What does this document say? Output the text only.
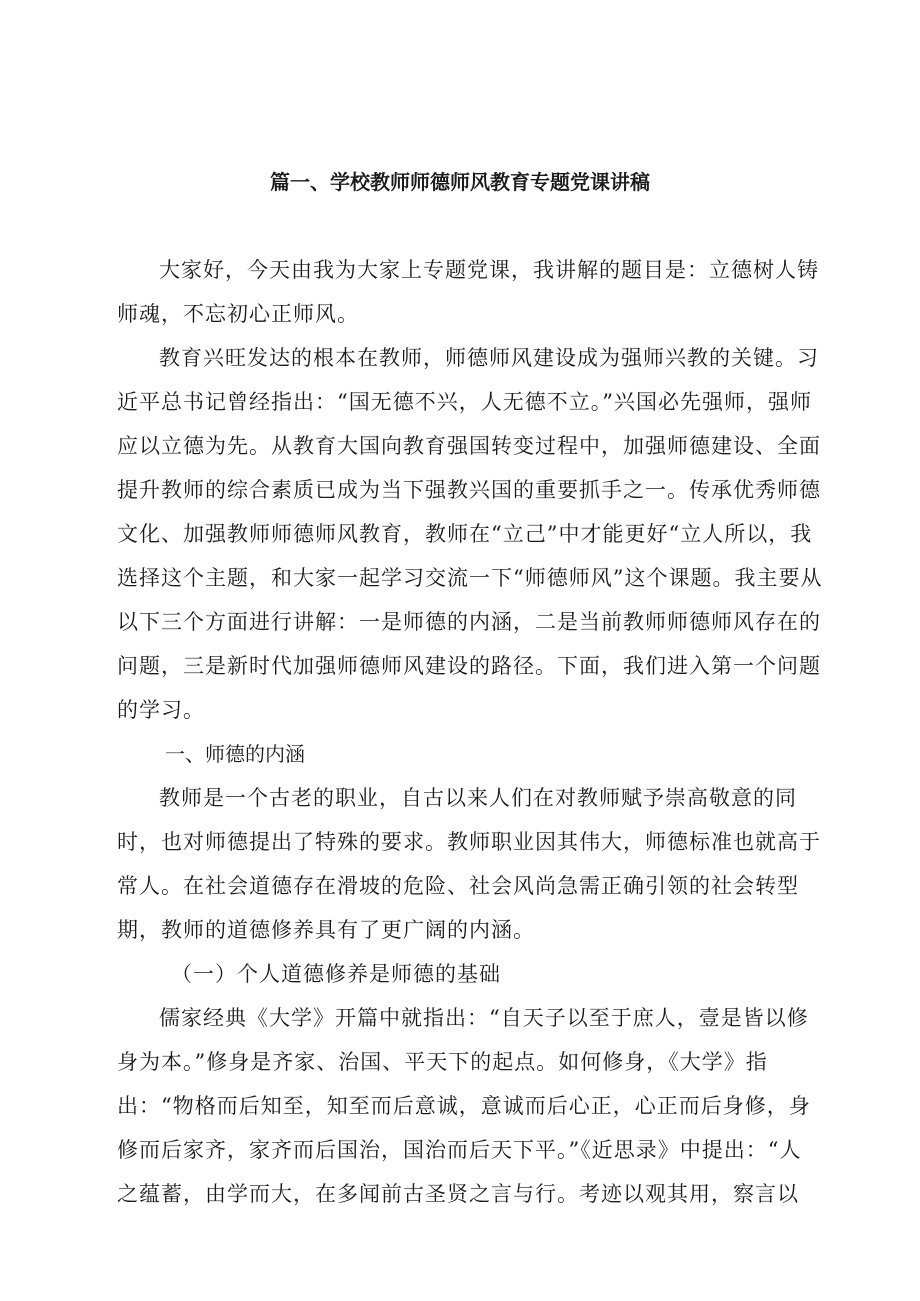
篇一、学校教师师德师风教育专题党课讲稿

大家好，今天由我为大家上专题党课，我讲解的题目是：立德树人铸师魂，不忘初心正师风。

教育兴旺发达的根本在教师，师德师风建设成为强师兴教的关键。习近平总书记曾经指出：“国无德不兴，人无德不立。”兴国必先强师，强师应以立德为先。从教育大国向教育强国转变过程中，加强师德建设、全面提升教师的综合素质已成为当下强教兴国的重要抓手之一。传承优秀师德文化、加强教师师德师风教育，教师在“立己”中才能更好“立人所以，我选择这个主题，和大家一起学习交流一下“师德师风”这个课题。我主要从以下三个方面进行讲解：一是师德的内涵，二是当前教师师德师风存在的问题，三是新时代加强师德师风建设的路径。下面，我们进入第一个问题的学习。

一、师德的内涵

教师是一个古老的职业，自古以来人们在对教师赋予崇高敬意的同时，也对师德提出了特殊的要求。教师职业因其伟大，师德标准也就高于常人。在社会道德存在滑坡的危险、社会风尚急需正确引领的社会转型期，教师的道德修养具有了更广阔的内涵。

（一）个人道德修养是师德的基础

儒家经典《大学》开篇中就指出：“自天子以至于庶人，壹是皆以修身为本。”修身是齐家、治国、平天下的起点。如何修身，《大学》指出：“物格而后知至，知至而后意诚，意诚而后心正，心正而后身修，身修而后家齐，家齐而后国治，国治而后天下平。”《近思录》中提出：“人之蕴蓄，由学而大，在多闻前古圣贤之言与行。考迹以观其用，察言以
